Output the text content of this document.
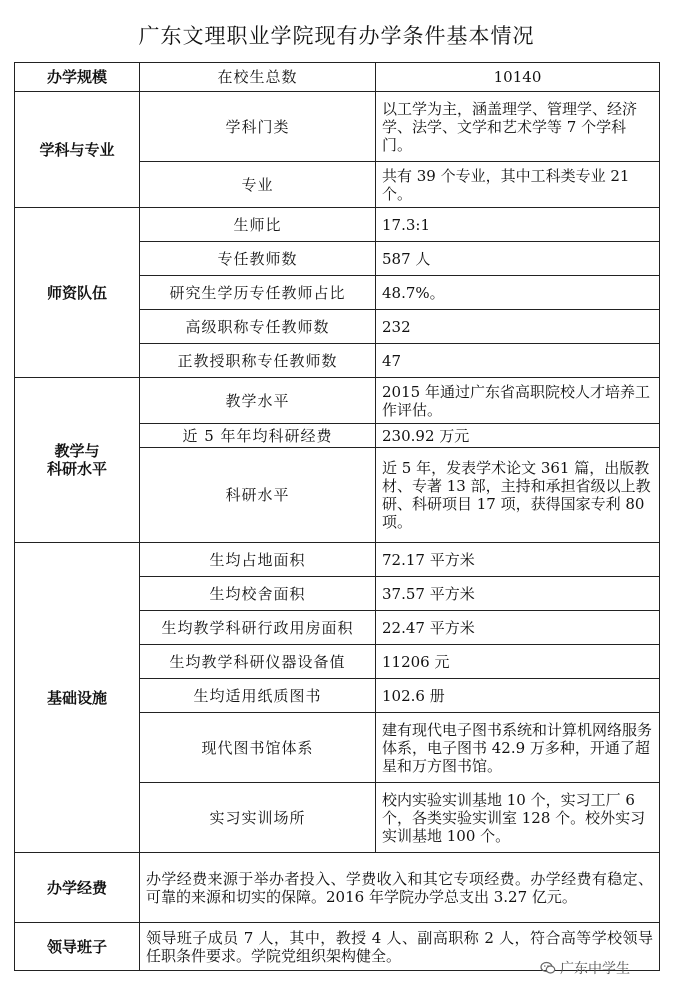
广东文理职业学院现有办学条件基本情况
办学规模	在校生总数	10140
学科与专业	学科门类	以工学为主，涵盖理学、管理学、经济学、法学、文学和艺术学等 7 个学科门。
	专业	共有 39 个专业，其中工科类专业 21 个。
师资队伍	生师比	17.3:1
	专任教师数	587 人
	研究生学历专任教师占比	48.7%。
	高级职称专任教师数	232
	正教授职称专任教师数	47

教学与
科研水平	教学水平	2015 年通过广东省高职院校人才培养工作评估。
	近 5 年年均科研经费	230.92 万元
	科研水平	近 5 年，发表学术论文 361 篇，出版教材、专著 13 部，主持和承担省级以上教研、科研项目 17 项，获得国家专利 80 项。
基础设施	生均占地面积	72.17 平方米
	生均校舍面积	37.57 平方米
	生均教学科研行政用房面积	22.47 平方米
	生均教学科研仪器设备值	11206 元
	生均适用纸质图书	102.6 册
	现代图书馆体系	建有现代电子图书系统和计算机网络服务体系，电子图书 42.9 万多种，开通了超星和万方图书馆。
	实习实训场所	校内实验实训基地 10 个，实习工厂 6 个，各类实验实训室 128 个。校外实习实训基地 100 个。
办学经费	办学经费来源于举办者投入、学费收入和其它专项经费。办学经费有稳定、可靠的来源和切实的保障。2016 年学院办学总支出 3.27 亿元。	
领导班子	领导班子成员 7 人，其中，教授 4 人、副高职称 2 人，符合高等学校领导任职条件要求。学院党组织架构健全。	
广东中学生
